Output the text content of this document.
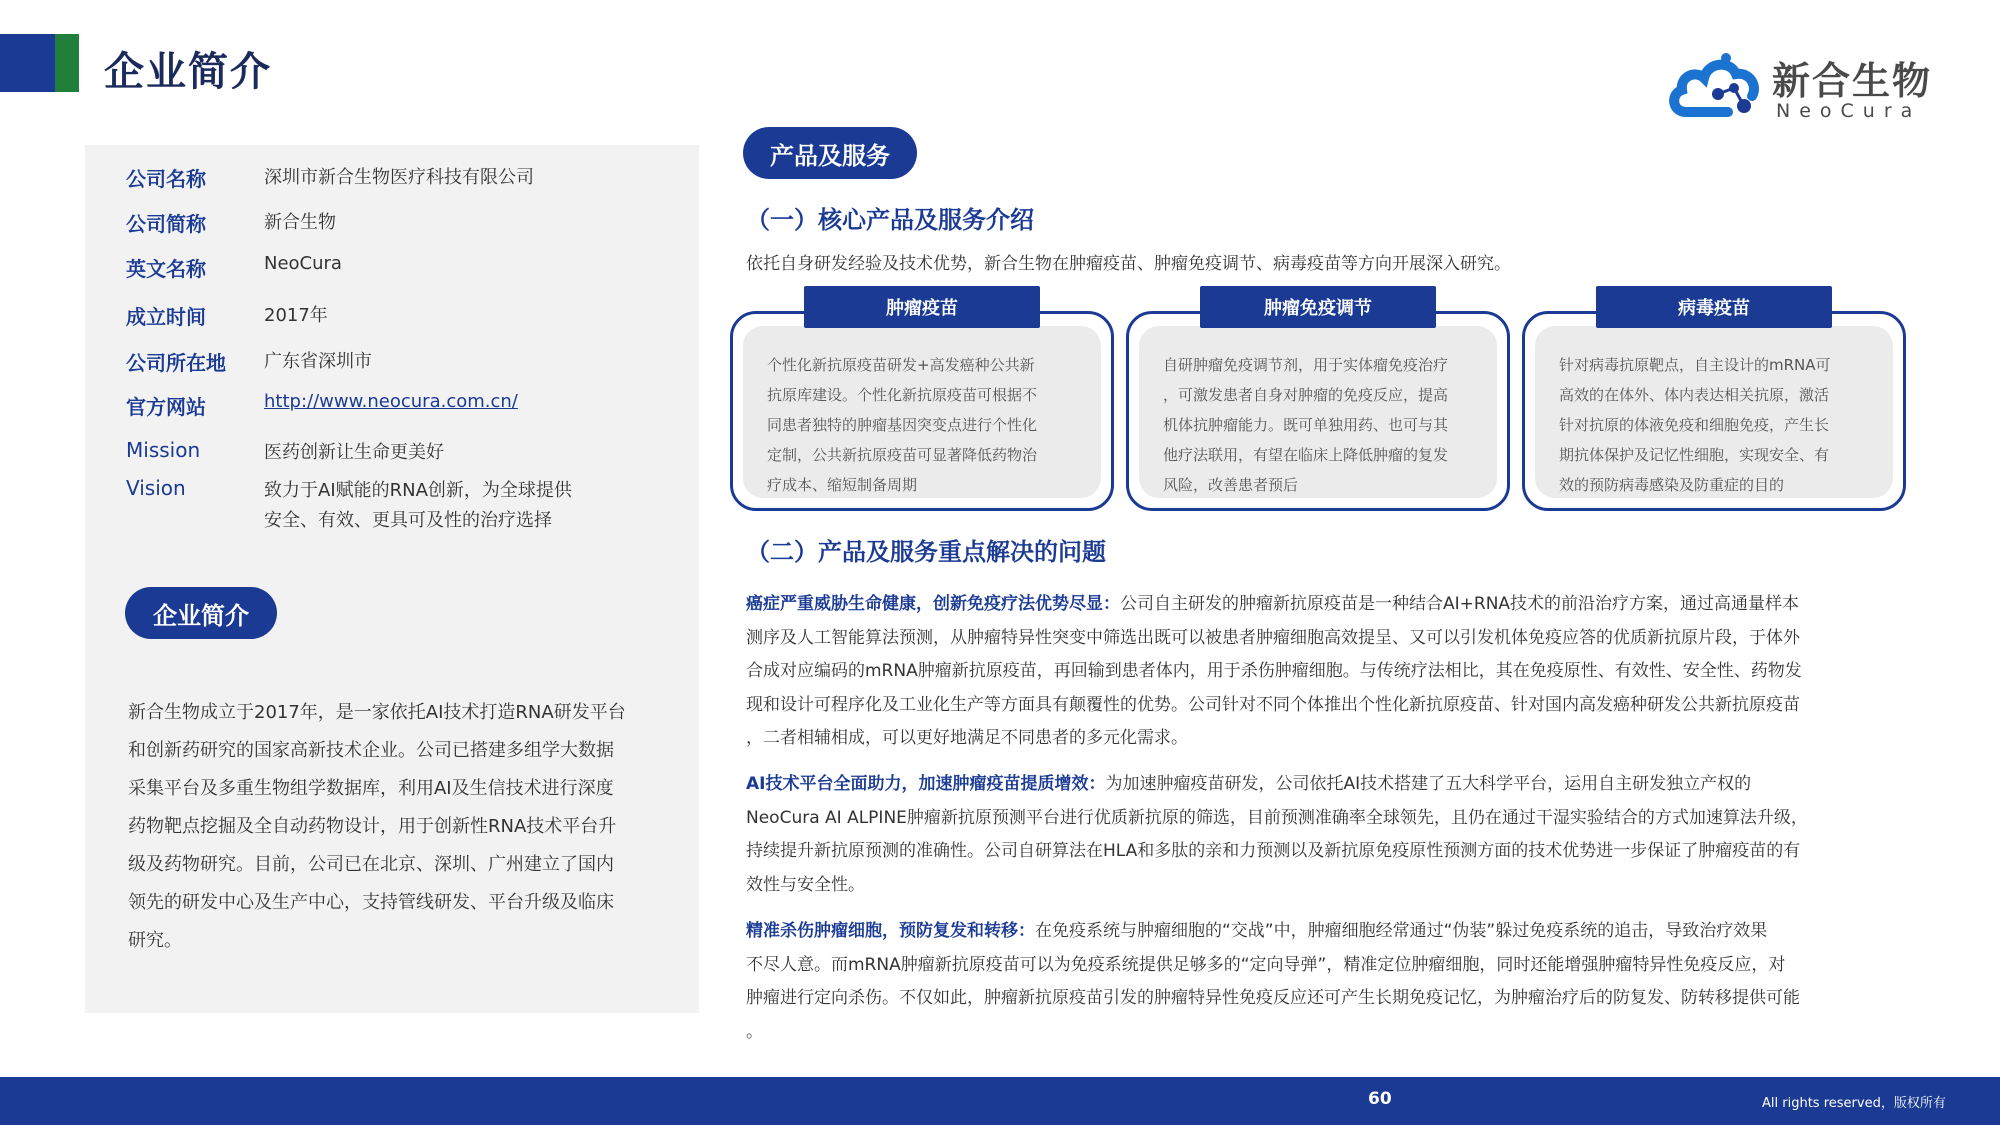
企业简介	新合生物
NeoCura
公司名称	深圳市新合生物医疗科技有限公司
公司简称	新合生物
英文名称	NeoCura
成立时间	2017年
公司所在地	广东省深圳市
官方网站	http://www.neocura.com.cn/
Mission	医药创新让生命更美好
Vision	致力于AI赋能的RNA创新，为全球提供
安全、有效、更具可及性的治疗选择
企业简介
新合生物成立于2017年，是一家依托AI技术打造RNA研发平台
和创新药研究的国家高新技术企业。公司已搭建多组学大数据
采集平台及多重生物组学数据库，利用AI及生信技术进行深度
药物靶点挖掘及全自动药物设计，用于创新性RNA技术平台升
级及药物研究。目前，公司已在北京、深圳、广州建立了国内
领先的研发中心及生产中心，支持管线研发、平台升级及临床
研究。
产品及服务
（一）核心产品及服务介绍
依托自身研发经验及技术优势，新合生物在肿瘤疫苗、肿瘤免疫调节、病毒疫苗等方向开展深入研究。
个性化新抗原疫苗研发+高发癌种公共新
抗原库建设。个性化新抗原疫苗可根据不
同患者独特的肿瘤基因突变点进行个性化
定制，公共新抗原疫苗可显著降低药物治
疗成本、缩短制备周期
肿瘤疫苗
自研肿瘤免疫调节剂，用于实体瘤免疫治疗
，可激发患者自身对肿瘤的免疫反应，提高
机体抗肿瘤能力。既可单独用药、也可与其
他疗法联用，有望在临床上降低肿瘤的复发
风险，改善患者预后
肿瘤免疫调节
针对病毒抗原靶点，自主设计的mRNA可
高效的在体外、体内表达相关抗原，激活
针对抗原的体液免疫和细胞免疫，产生长
期抗体保护及记忆性细胞，实现安全、有
效的预防病毒感染及防重症的目的
病毒疫苗
（二）产品及服务重点解决的问题
癌症严重威胁生命健康，创新免疫疗法优势尽显：公司自主研发的肿瘤新抗原疫苗是一种结合AI+RNA技术的前沿治疗方案，通过高通量样本
测序及人工智能算法预测，从肿瘤特异性突变中筛选出既可以被患者肿瘤细胞高效提呈、又可以引发机体免疫应答的优质新抗原片段，于体外
合成对应编码的mRNA肿瘤新抗原疫苗，再回输到患者体内，用于杀伤肿瘤细胞。与传统疗法相比，其在免疫原性、有效性、安全性、药物发
现和设计可程序化及工业化生产等方面具有颠覆性的优势。公司针对不同个体推出个性化新抗原疫苗、针对国内高发癌种研发公共新抗原疫苗
，二者相辅相成，可以更好地满足不同患者的多元化需求。
AI技术平台全面助力，加速肿瘤疫苗提质增效：为加速肿瘤疫苗研发，公司依托AI技术搭建了五大科学平台，运用自主研发独立产权的
NeoCura AI ALPINE肿瘤新抗原预测平台进行优质新抗原的筛选，目前预测准确率全球领先，且仍在通过干湿实验结合的方式加速算法升级，
持续提升新抗原预测的准确性。公司自研算法在HLA和多肽的亲和力预测以及新抗原免疫原性预测方面的技术优势进一步保证了肿瘤疫苗的有
效性与安全性。
精准杀伤肿瘤细胞，预防复发和转移：在免疫系统与肿瘤细胞的“交战”中，肿瘤细胞经常通过“伪装”躲过免疫系统的追击，导致治疗效果
不尽人意。而mRNA肿瘤新抗原疫苗可以为免疫系统提供足够多的“定向导弹”，精准定位肿瘤细胞，同时还能增强肿瘤特异性免疫反应，对
肿瘤进行定向杀伤。不仅如此，肿瘤新抗原疫苗引发的肿瘤特异性免疫反应还可产生长期免疫记忆，为肿瘤治疗后的防复发、防转移提供可能
。
60	All rights reserved，版权所有
